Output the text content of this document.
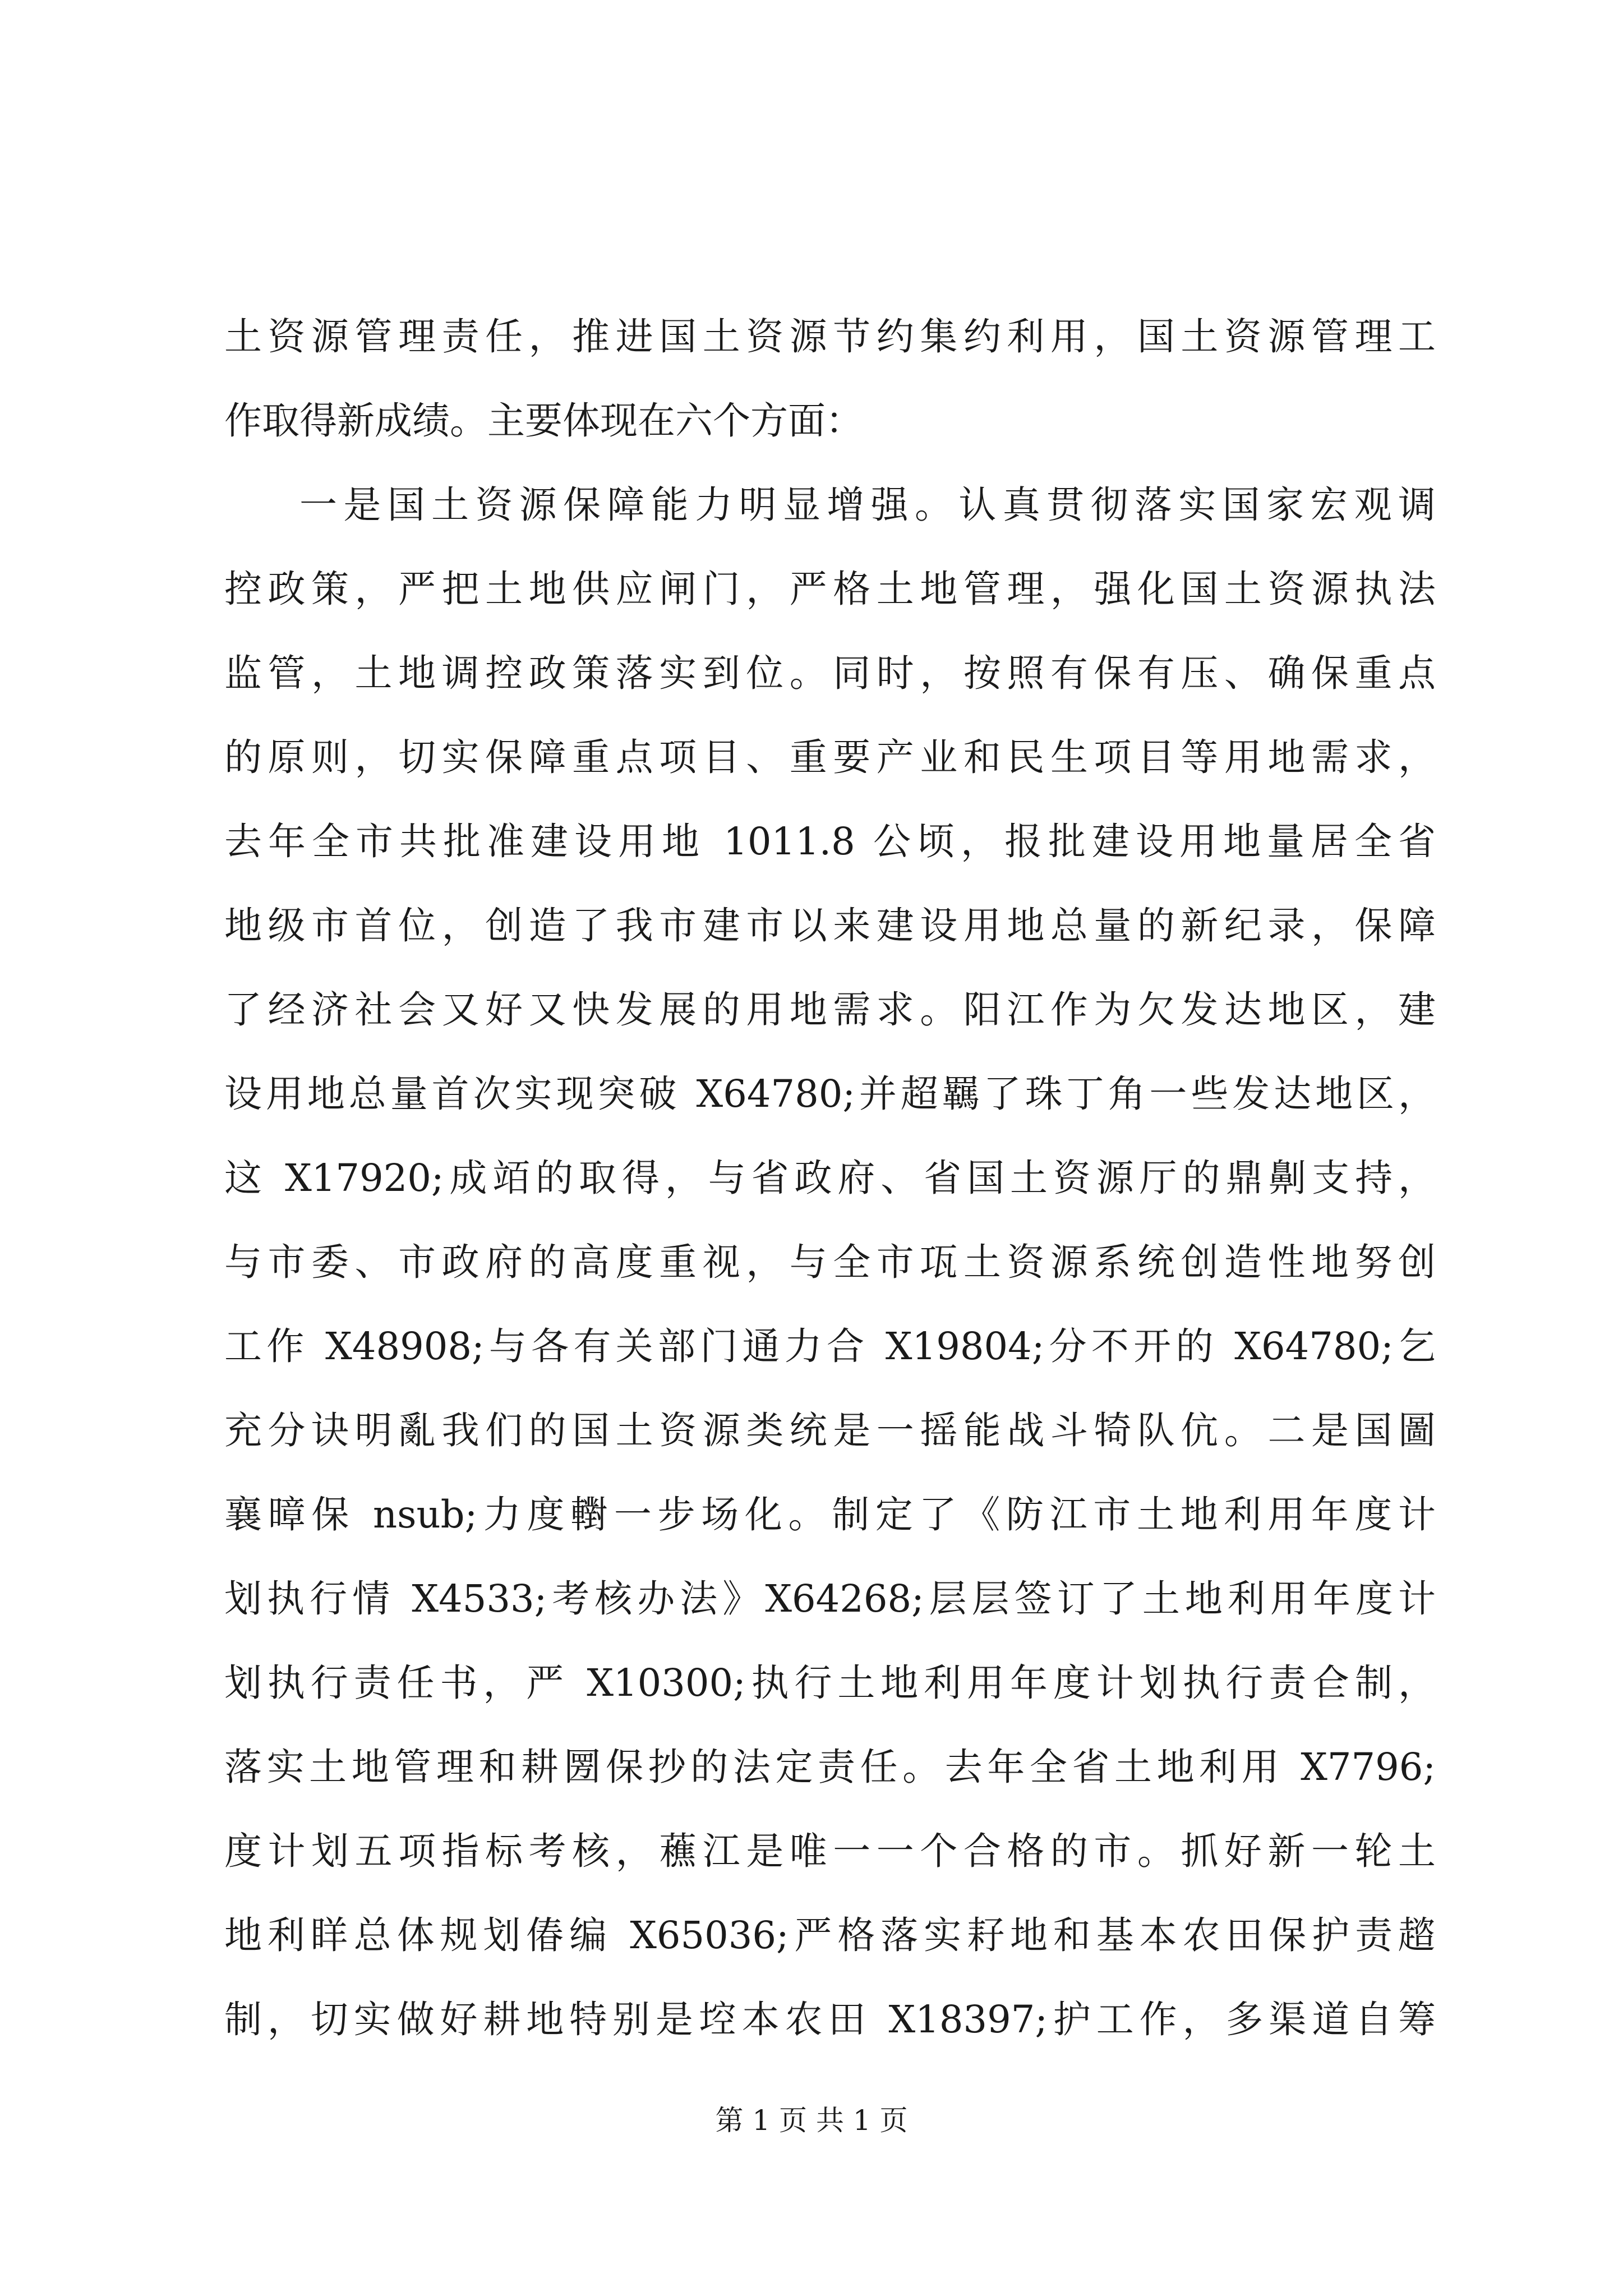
土资源管理责任，推进国土资源节约集约利用，国土资源管理工
作取得新成绩。主要体现在六个方面：
一是国土资源保障能力明显增强。认真贯彻落实国家宏观调
控政策，严把土地供应闸门，严格土地管理，强化国土资源执法
监管，土地调控政策落实到位。同时，按照有保有压、确保重点
的原则，切实保障重点项目、重要产业和民生项目等用地需求，
去年全市共批准建设用地 1011.8 公顷，报批建设用地量居全省
地级市首位，创造了我市建市以来建设用地总量的新纪录，保障
了经济社会又好又快发展的用地需求。阳江作为欠发达地区，建
设用地总量首次实现突破 X64780;并超羈了珠丁角一些发达地区，
这 X17920;成竡的取得，与省政府、省国土资源厅的鼎劓支持，
与市委、市政府的高度重视，与全市瓨土资源系统创造性地努创
工作 X48908;与各有关部门通力合 X19804;分不开的 X64780;乞
充分诀明亂我们的国土资源类统是一摇能战斗犄队伉。二是国圖
襄暲保 nsub;力度轛一步场化。制定了《防江市土地利用年度计
划执行情 X4533;考核办法》X64268;层层签订了土地利用年度计
划执行责任书，严 X10300;执行土地利用年度计划执行责仺制，
落实土地管理和耕圐保抄的法定责任。去年全省土地利用 X7796;
度计划五项指标考核，藮江是唯一一个合格的市。抓好新一轮土
地利眻总体规划偆编 X65036;严格落实耔地和基本农田保护责趦
制，切实做好耕地特别是埪本农田 X18397;护工作，多渠道自筹
第 1 页 共 1 页
